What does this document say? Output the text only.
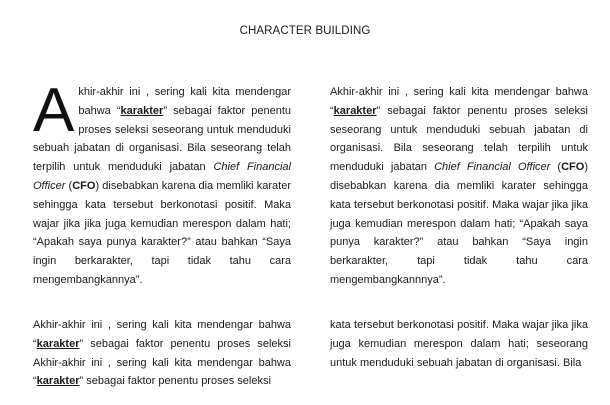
CHARACTER BUILDING

Akhir-akhir ini , sering kali kita mendengar bahwa “karakter” sebagai faktor penentu proses seleksi seseorang untuk menduduki sebuah jabatan di organisasi. Bila seseorang telah terpilih untuk menduduki jabatan Chief Financial Officer (CFO) disebabkan karena dia memliki karater sehingga kata tersebut berkonotasi positif. Maka wajar jika jika juga kemudian merespon dalam hati; “Apakah saya punya karakter?” atau bahkan “Saya ingin berkarakter, tapi tidak tahu cara mengembangkannya”.

Akhir-akhir ini , sering kali kita mendengar bahwa “karakter” sebagai faktor penentu proses seleksi seseorang untuk menduduki sebuah jabatan di organisasi. Bila seseorang telah terpilih untuk menduduki jabatan Chief Financial Officer (CFO) disebabkan karena dia memliki karater sehingga kata tersebut berkonotasi positif. Maka wajar jika jika juga kemudian merespon dalam hati; “Apakah saya punya karakter?” atau bahkan “Saya ingin berkarakter, tapi tidak tahu cara mengembangkannnya”.

Akhir-akhir ini , sering kali kita mendengar bahwa “karakter” sebagai faktor penentu proses seleksi Akhir-akhir ini , sering kali kita mendengar bahwa “karakter” sebagai faktor penentu proses seleksi

kata tersebut berkonotasi positif. Maka wajar jika jika juga kemudian merespon dalam hati; seseorang untuk menduduki sebuah jabatan di organisasi. Bila
